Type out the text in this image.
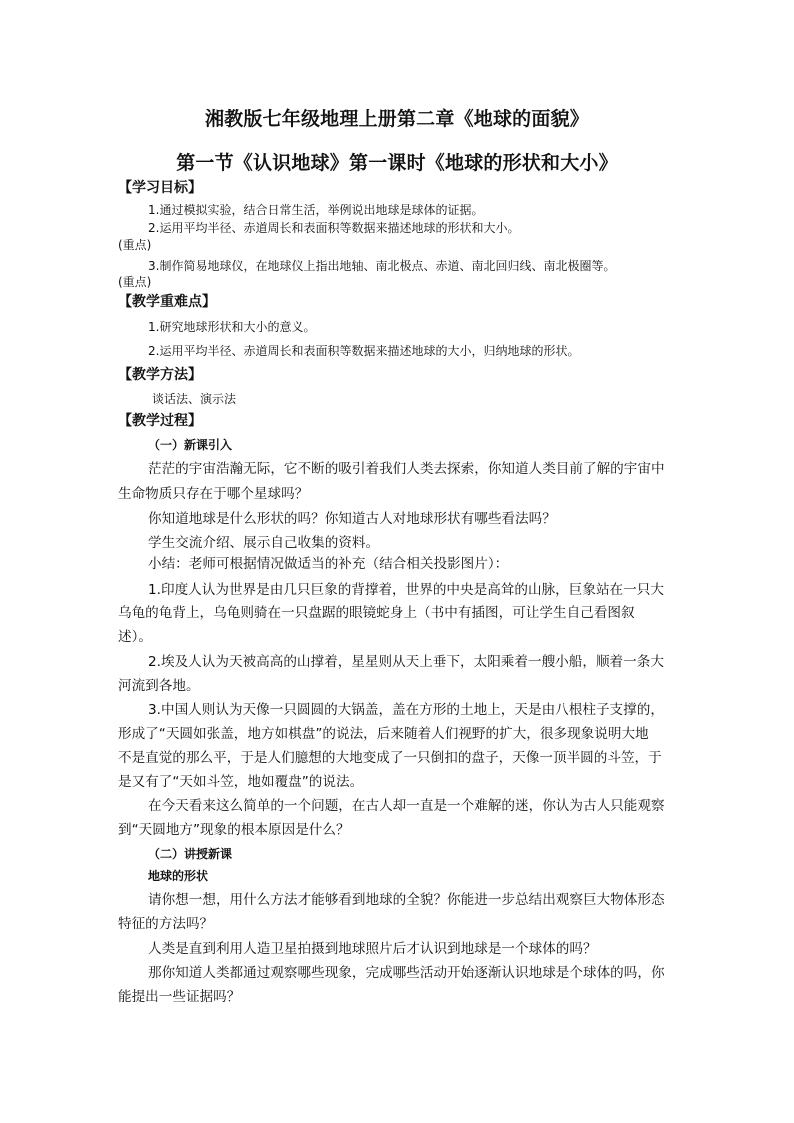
湘教版七年级地理上册第二章《地球的面貌》
第一节《认识地球》第一课时《地球的形状和大小》
【学习目标】
1.通过模拟实验，结合日常生活，举例说出地球是球体的证据。
2.运用平均半径、赤道周长和表面积等数据来描述地球的形状和大小。
(重点)
3.制作简易地球仪，在地球仪上指出地轴、南北极点、赤道、南北回归线、南北极圈等。
(重点)
【教学重难点】
1.研究地球形状和大小的意义。
2.运用平均半径、赤道周长和表面积等数据来描述地球的大小，归纳地球的形状。
【教学方法】
谈话法、演示法
【教学过程】
（一）新课引入
茫茫的宇宙浩瀚无际，它不断的吸引着我们人类去探索，你知道人类目前了解的宇宙中
生命物质只存在于哪个星球吗？
你知道地球是什么形状的吗？你知道古人对地球形状有哪些看法吗？
学生交流介绍、展示自己收集的资料。
小结：老师可根据情况做适当的补充（结合相关投影图片）：
1.印度人认为世界是由几只巨象的背撑着，世界的中央是高耸的山脉，巨象站在一只大
乌龟的龟背上，乌龟则骑在一只盘踞的眼镜蛇身上（书中有插图，可让学生自己看图叙
述）。
2.埃及人认为天被高高的山撑着，星星则从天上垂下，太阳乘着一艘小船，顺着一条大
河流到各地。
3.中国人则认为天像一只圆圆的大锅盖，盖在方形的土地上，天是由八根柱子支撑的，
形成了“天圆如张盖，地方如棋盘”的说法，后来随着人们视野的扩大，很多现象说明大地
不是直觉的那么平，于是人们臆想的大地变成了一只倒扣的盘子，天像一顶半圆的斗笠，于
是又有了“天如斗笠，地如覆盘”的说法。
在今天看来这么简单的一个问题，在古人却一直是一个难解的迷，你认为古人只能观察
到“天圆地方”现象的根本原因是什么？
（二）讲授新课
地球的形状
请你想一想，用什么方法才能够看到地球的全貌？你能进一步总结出观察巨大物体形态
特征的方法吗？
人类是直到利用人造卫星拍摄到地球照片后才认识到地球是一个球体的吗？
那你知道人类都通过观察哪些现象，完成哪些活动开始逐渐认识地球是个球体的吗，你
能提出一些证据吗？
